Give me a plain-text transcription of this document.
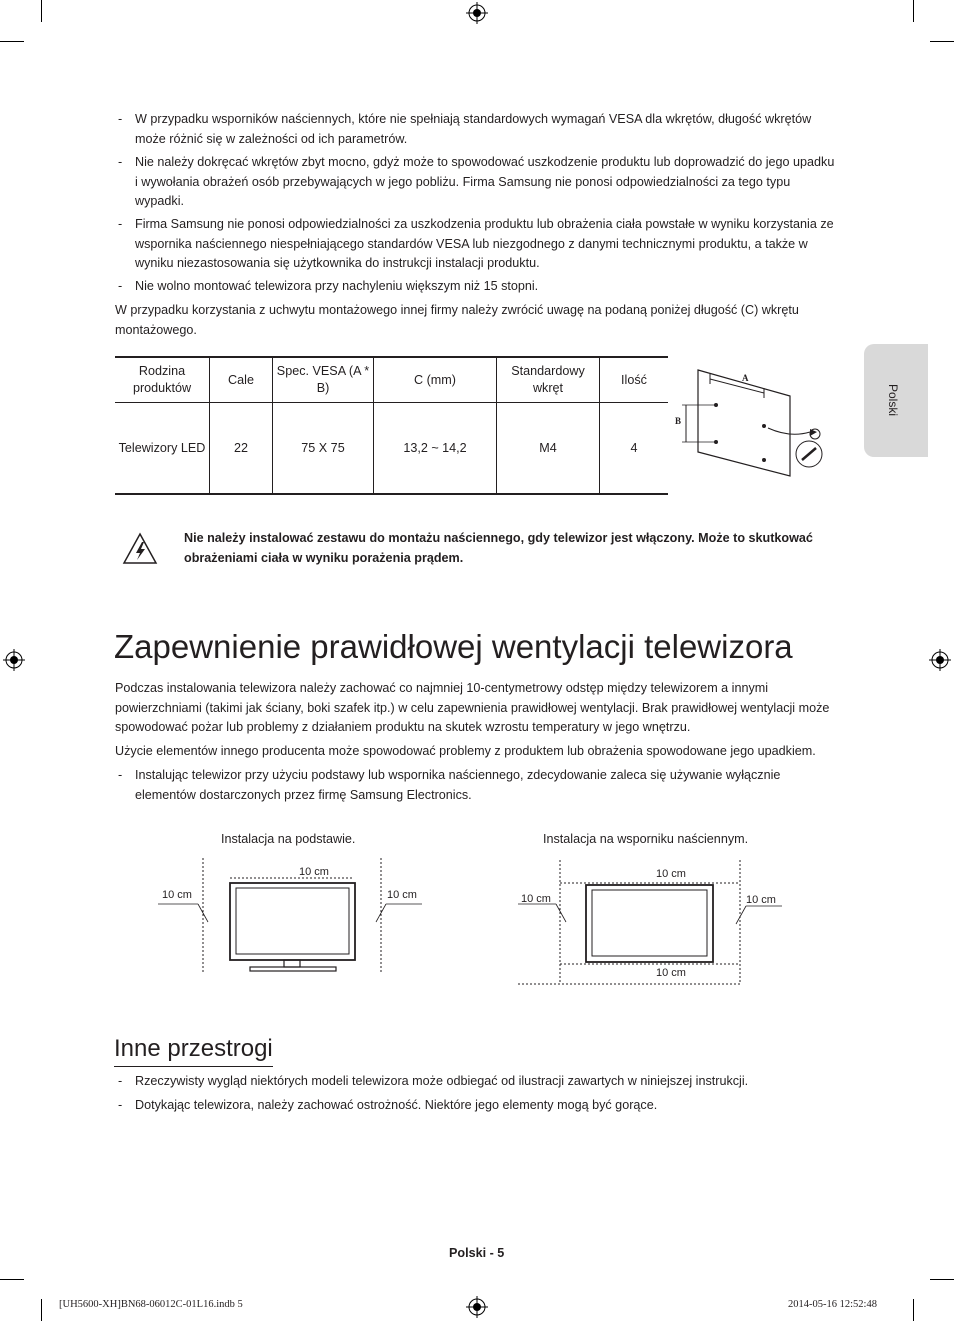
Polski
- W przypadku wsporników naściennych, które nie spełniają standardowych wymagań VESA dla wkrętów, długość wkrętów może różnić się w zależności od ich parametrów.
- Nie należy dokręcać wkrętów zbyt mocno, gdyż może to spowodować uszkodzenie produktu lub doprowadzić do jego upadku i wywołania obrażeń osób przebywających w jego pobliżu. Firma Samsung nie ponosi odpowiedzialności za tego typu wypadki.
- Firma Samsung nie ponosi odpowiedzialności za uszkodzenia produktu lub obrażenia ciała powstałe w wyniku korzystania ze wspornika naściennego niespełniającego standardów VESA lub niezgodnego z danymi technicznymi produktu, a także w wyniku niezastosowania się użytkownika do instrukcji instalacji produktu.
- Nie wolno montować telewizora przy nachyleniu większym niż 15 stopni.
W przypadku korzystania z uchwytu montażowego innej firmy należy zwrócić uwagę na podaną poniżej długość (C) wkrętu montażowego.
Rodzina produktów	Cale	Spec. VESA (A * B)	C (mm)	Standardowy wkręt	Ilość
Telewizory LED	22	75 X 75	13,2 ~ 14,2	M4	4
A
B
Nie należy instalować zestawu do montażu naściennego, gdy telewizor jest włączony. Może to skutkować obrażeniami ciała w wyniku porażenia prądem.
Zapewnienie prawidłowej wentylacji telewizora
Podczas instalowania telewizora należy zachować co najmniej 10-centymetrowy odstęp między telewizorem a innymi powierzchniami (takimi jak ściany, boki szafek itp.) w celu zapewnienia prawidłowej wentylacji. Brak prawidłowej wentylacji może spowodować pożar lub problemy z działaniem produktu na skutek wzrostu temperatury w jego wnętrzu.
Użycie elementów innego producenta może spowodować problemy z produktem lub obrażenia spowodowane jego upadkiem.
- Instalując telewizor przy użyciu podstawy lub wspornika naściennego, zdecydowanie zaleca się używanie wyłącznie elementów dostarczonych przez firmę Samsung Electronics.
Instalacja na podstawie.	Instalacja na wsporniku naściennym.
10 cm
10 cm	10 cm
10 cm
10 cm	10 cm
10 cm
Inne przestrogi
- Rzeczywisty wygląd niektórych modeli telewizora może odbiegać od ilustracji zawartych w niniejszej instrukcji.
- Dotykając telewizora, należy zachować ostrożność. Niektóre jego elementy mogą być gorące.
Polski - 5
[UH5600-XH]BN68-06012C-01L16.indb 5	2014-05-16 12:52:48
